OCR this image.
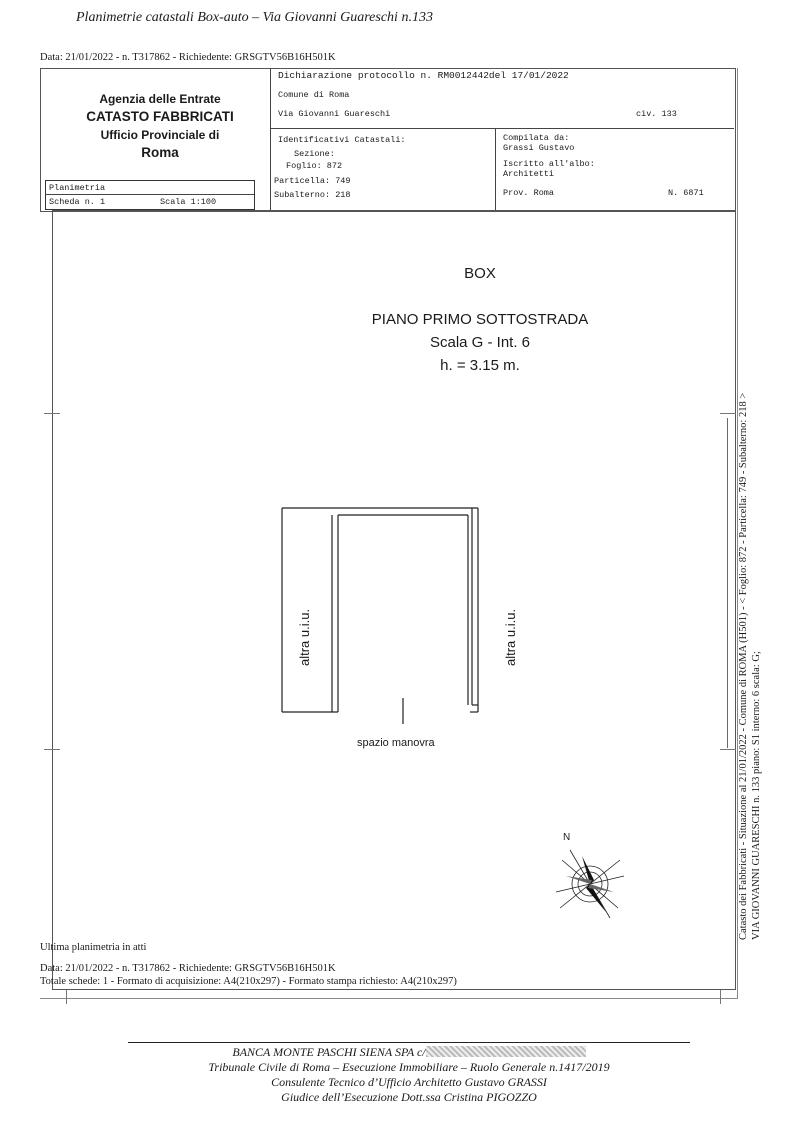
Planimetrie catastali Box-auto – Via Giovanni Guareschi n.133
Data: 21/01/2022 - n. T317862 - Richiedente: GRSGTV56B16H501K
Agenzia delle Entrate
CATASTO FABBRICATI
Ufficio Provinciale di
Roma
Dichiarazione protocollo n. RM0012442del 17/01/2022
Comune di Roma
Via Giovanni Guareschi	civ. 133
Identificativi Catastali:
Sezione:
Foglio: 872
Particella: 749
Subalterno: 218
Compilata da:
Grassi Gustavo
Iscritto all'albo:
Architetti
Prov. Roma	N. 6871
Planimetria
Scheda n. 1	Scala 1:100
BOX
PIANO PRIMO SOTTOSTRADA
Scala G - Int. 6
h. = 3.15 m.
altra u.i.u.	altra u.i.u.
spazio manovra
N	Catasto dei Fabbricati - Situazione al 21/01/2022 - Comune di ROMA (H501) - < Foglio: 872 - Particella: 749 - Subalterno: 218 > VIA GIOVANNI GUARESCHI n. 133 piano: S1 interno: 6 scala: G;
Ultima planimetria in atti
Data: 21/01/2022 - n. T317862 - Richiedente: GRSGTV56B16H501K
Totale schede: 1 - Formato di acquisizione: A4(210x297) - Formato stampa richiesto: A4(210x297)
BANCA MONTE PASCHI SIENA SPA c/
Tribunale Civile di Roma – Esecuzione Immobiliare – Ruolo Generale n.1417/2019
Consulente Tecnico d’Ufficio Architetto Gustavo GRASSI
Giudice dell’Esecuzione Dott.ssa Cristina PIGOZZO
